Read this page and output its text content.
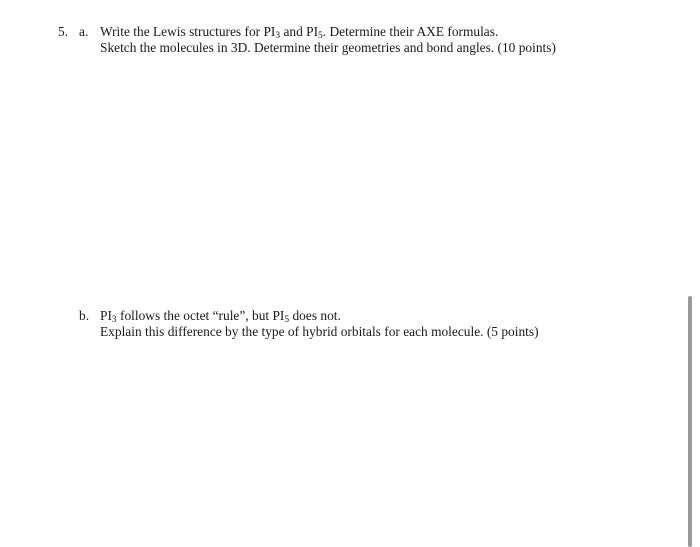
5. a. Write the Lewis structures for $PI_3$ and $PI_5$. Determine their AXE formulas.
Sketch the molecules in 3D. Determine their geometries and bond angles. (10 points)
b. $PI_3$ follows the octet “rule”, but $PI_5$ does not.
Explain this difference by the type of hybrid orbitals for each molecule. (5 points)
